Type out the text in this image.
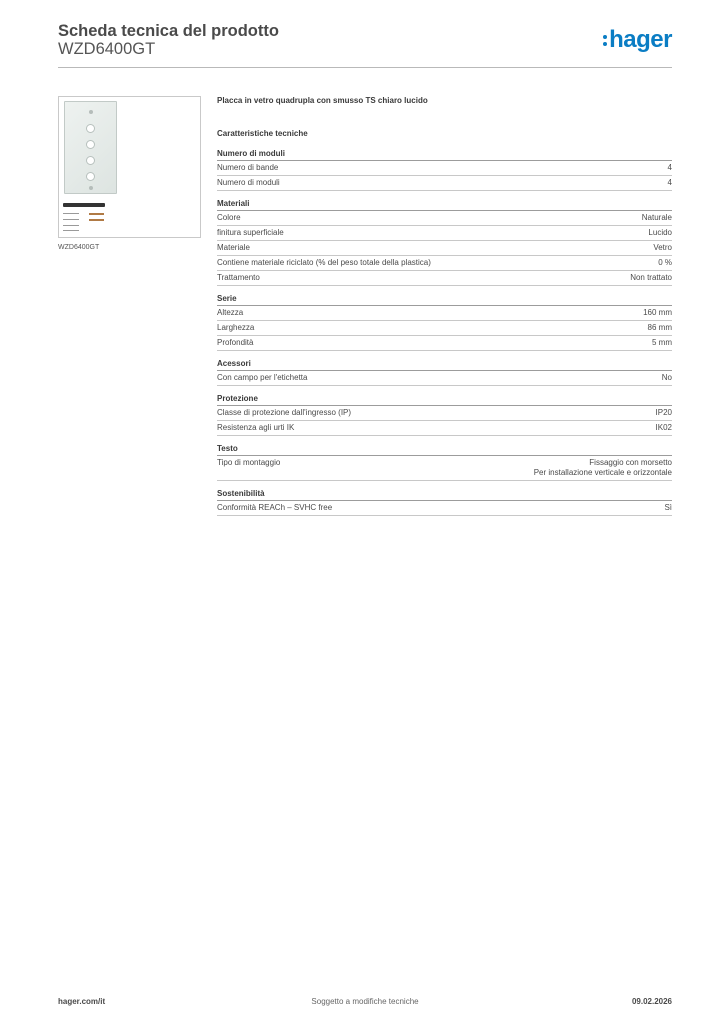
Scheda tecnica del prodotto
WZD6400GT	hager
WZD6400GT
Placca in vetro quadrupla con smusso TS chiaro lucido
Caratteristiche tecniche
Numero di moduli
Numero di bande	4
Numero di moduli	4
Materiali
Colore	Naturale
finitura superficiale	Lucido
Materiale	Vetro
Contiene materiale riciclato (% del peso totale della plastica)	0 %
Trattamento	Non trattato
Serie
Altezza	160 mm
Larghezza	86 mm
Profondità	5 mm
Acessori
Con campo per l'etichetta	No
Protezione
Classe di protezione dall'ingresso (IP)	IP20
Resistenza agli urti IK	IK02
Testo
Tipo di montaggio	Fissaggio con morsetto
Per installazione verticale e orizzontale
Sostenibilità
Conformità REACh – SVHC free	Sì
hager.com/it	Soggetto a modifiche tecniche	09.02.2026
